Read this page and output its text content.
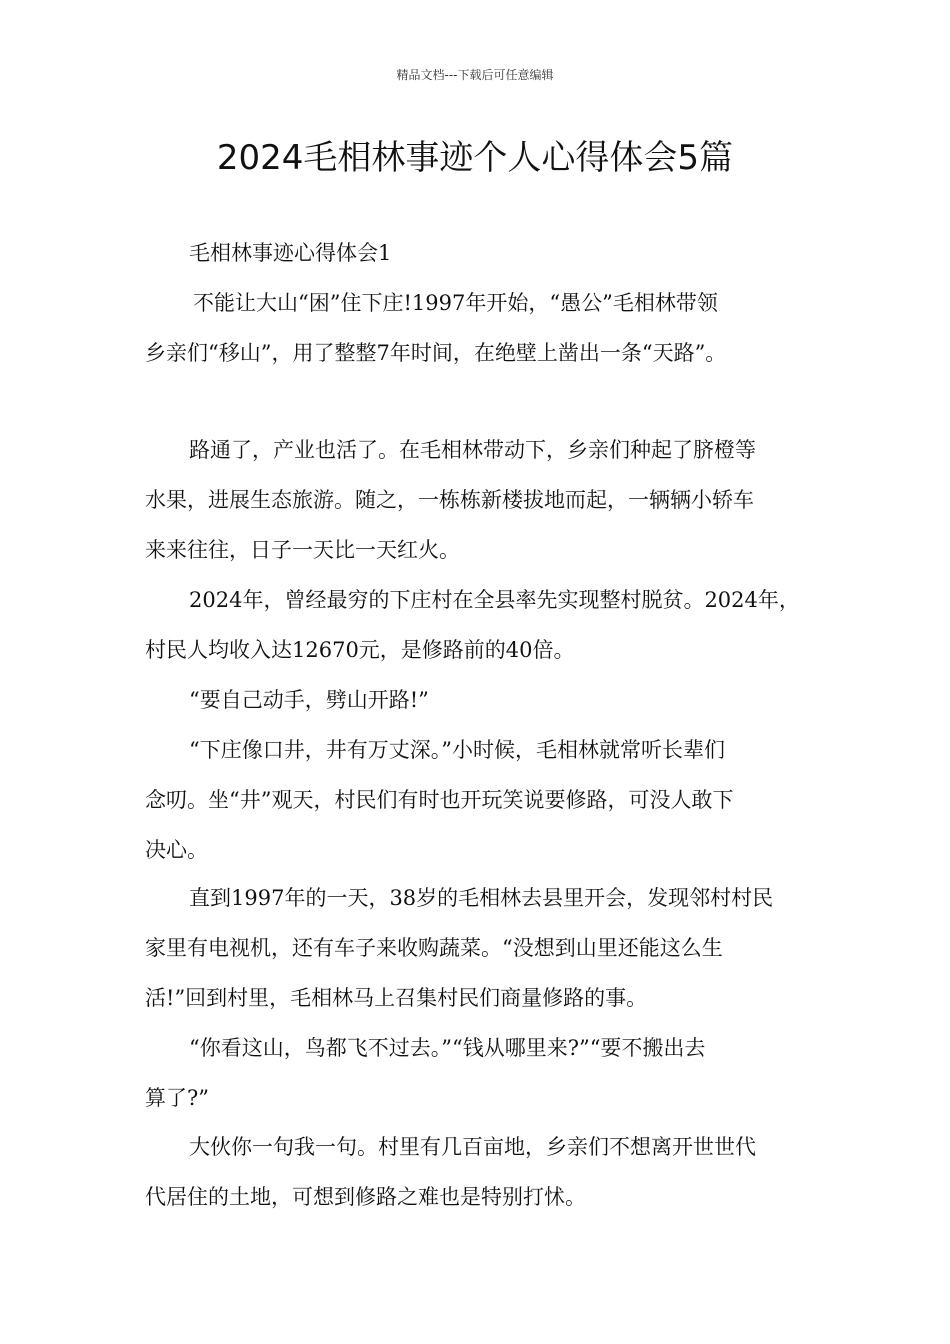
精品文档---下载后可任意编辑
2024毛相林事迹个人心得体会5篇
毛相林事迹心得体会1
不能让大山“困”住下庄!1997年开始，“愚公”毛相林带领
乡亲们“移山”，用了整整7年时间，在绝壁上凿出一条“天路”。
路通了，产业也活了。在毛相林带动下，乡亲们种起了脐橙等
水果，进展生态旅游。随之，一栋栋新楼拔地而起，一辆辆小轿车
来来往往，日子一天比一天红火。
2024年，曾经最穷的下庄村在全县率先实现整村脱贫。2024年，
村民人均收入达12670元，是修路前的40倍。
“要自己动手，劈山开路!”
“下庄像口井，井有万丈深。”小时候，毛相林就常听长辈们
念叨。坐“井”观天，村民们有时也开玩笑说要修路，可没人敢下
决心。
直到1997年的一天，38岁的毛相林去县里开会，发现邻村村民
家里有电视机，还有车子来收购蔬菜。“没想到山里还能这么生
活!”回到村里，毛相林马上召集村民们商量修路的事。
“你看这山，鸟都飞不过去。”“钱从哪里来?”“要不搬出去
算了?”
大伙你一句我一句。村里有几百亩地，乡亲们不想离开世世代
代居住的土地，可想到修路之难也是特别打怵。
